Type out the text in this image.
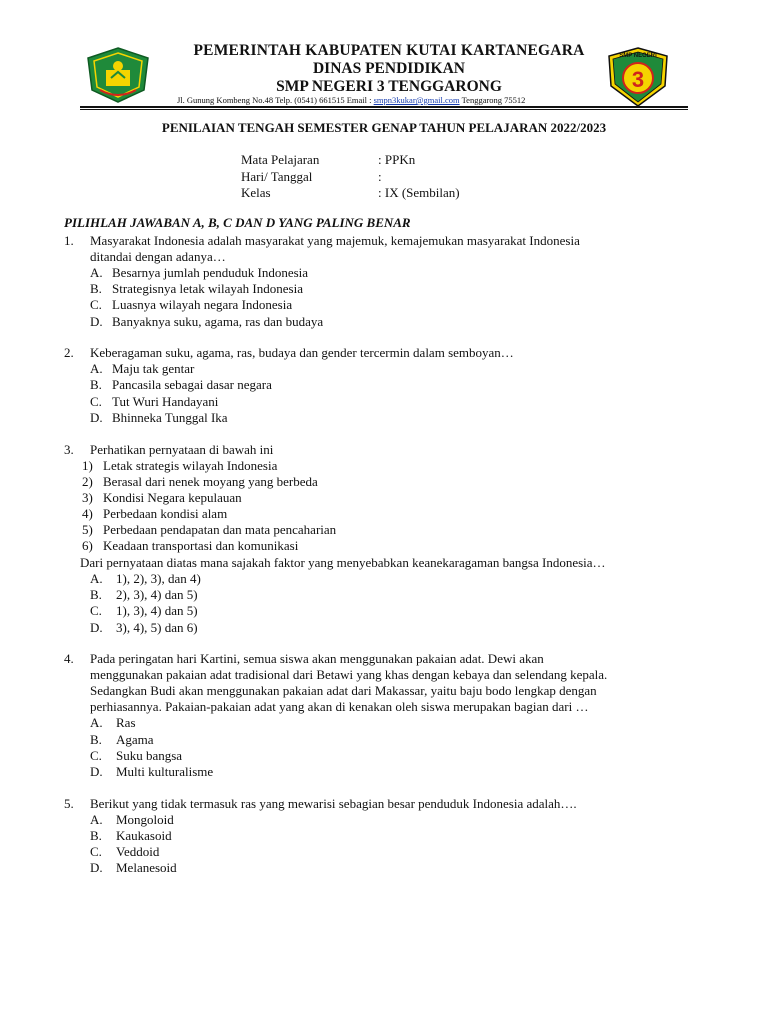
PEMERINTAH KABUPATEN KUTAI KARTANEGARA
DINAS PENDIDIKAN
SMP NEGERI 3 TENGGARONG
Jl. Gunung Kombeng No.48 Telp. (0541) 661515 Email : smpn3kukar@gmail.com Tenggarong 75512
SMP NEGERI
3
PENILAIAN TENGAH SEMESTER GENAP TAHUN PELAJARAN 2022/2023
Mata Pelajaran	: PPKn
Hari/ Tanggal	:
Kelas	: IX (Sembilan)
PILIHLAH JAWABAN A, B, C DAN D YANG PALING BENAR
1. Masyarakat Indonesia adalah masyarakat yang majemuk, kemajemukan masyarakat Indonesia
ditandai dengan adanya…
A. Besarnya jumlah penduduk Indonesia
B. Strategisnya letak wilayah Indonesia
C. Luasnya wilayah negara Indonesia
D. Banyaknya suku, agama, ras dan budaya
2. Keberagaman suku, agama, ras, budaya dan gender tercermin dalam semboyan…
A. Maju tak gentar
B. Pancasila sebagai dasar negara
C. Tut Wuri Handayani
D. Bhinneka Tunggal Ika
3. Perhatikan pernyataan di bawah ini
1) Letak strategis wilayah Indonesia
2) Berasal dari nenek moyang yang berbeda
3) Kondisi Negara kepulauan
4) Perbedaan kondisi alam
5) Perbedaan pendapatan dan mata pencaharian
6) Keadaan transportasi dan komunikasi
Dari pernyataan diatas mana sajakah faktor yang menyebabkan keanekaragaman bangsa Indonesia…
A. 1), 2), 3), dan 4)
B. 2), 3), 4) dan 5)
C. 1), 3), 4) dan 5)
D. 3), 4), 5) dan 6)
4. Pada peringatan hari Kartini, semua siswa akan menggunakan pakaian adat. Dewi akan
menggunakan pakaian adat tradisional dari Betawi yang khas dengan kebaya dan selendang kepala.
Sedangkan Budi akan menggunakan pakaian adat dari Makassar, yaitu baju bodo lengkap dengan
perhiasannya. Pakaian-pakaian adat yang akan di kenakan oleh siswa merupakan bagian dari …
A. Ras
B. Agama
C. Suku bangsa
D. Multi kulturalisme
5. Berikut yang tidak termasuk ras yang mewarisi sebagian besar penduduk Indonesia adalah….
A. Mongoloid
B. Kaukasoid
C. Veddoid
D. Melanesoid
